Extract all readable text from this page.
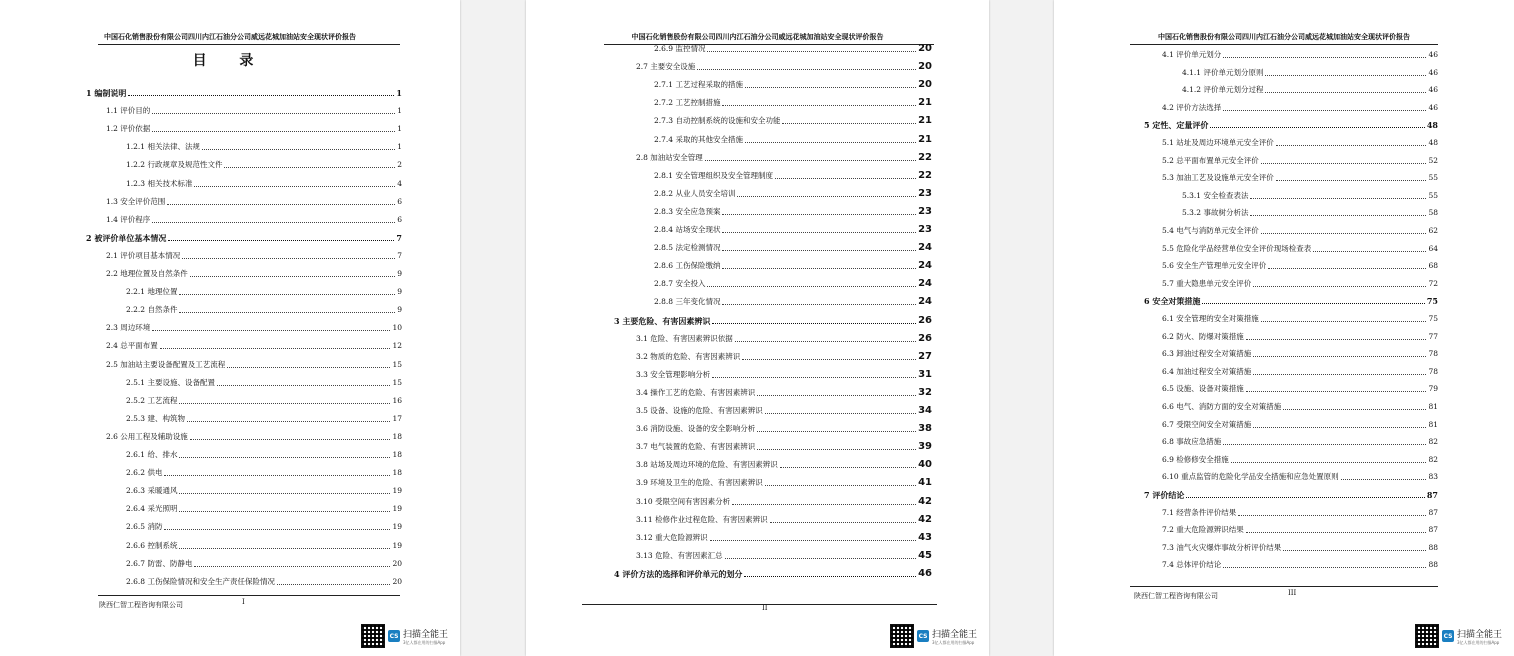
中国石化销售股份有限公司四川内江石油分公司威远花城加油站安全现状评价报告
目 录
1 编制说明	1
1.1 评价目的	1
1.2 评价依据	1
1.2.1 相关法律、法规	1
1.2.2 行政规章及规范性文件	2
1.2.3 相关技术标准	4
1.3 安全评价范围	6
1.4 评价程序	6
2 被评价单位基本情况	7
2.1 评价项目基本情况	7
2.2 地理位置及自然条件	9
2.2.1 地理位置	9
2.2.2 自然条件	9
2.3 周边环境	10
2.4 总平面布置	12
2.5 加油站主要设备配置及工艺流程	15
2.5.1 主要设施、设备配置	15
2.5.2 工艺流程	16
2.5.3 建、构筑物	17
2.6 公用工程及辅助设施	18
2.6.1 给、排水	18
2.6.2 供电	18
2.6.3 采暖通风	19
2.6.4 采光照明	19
2.6.5 消防	19
2.6.6 控制系统	19
2.6.7 防雷、防静电	20
2.6.8 工伤保险情况和安全生产责任保险情况	20
陕西仁智工程咨询有限公司	I
CS 扫描全能王
3亿人都在用的扫描App
中国石化销售股份有限公司四川内江石油分公司威远花城加油站安全现状评价报告
2.6.9 监控情况	20
2.7 主要安全设施	20
2.7.1 工艺过程采取的措施	20
2.7.2 工艺控制措施	21
2.7.3 自动控制系统的设施和安全功能	21
2.7.4 采取的其他安全措施	21
2.8 加油站安全管理	22
2.8.1 安全管理组织及安全管理制度	22
2.8.2 从业人员安全培训	23
2.8.3 安全应急预案	23
2.8.4 站场安全现状	23
2.8.5 法定检测情况	24
2.8.6 工伤保险缴纳	24
2.8.7 安全投入	24
2.8.8 三年变化情况	24
3 主要危险、有害因素辨识	26
3.1 危险、有害因素辨识依据	26
3.2 物质的危险、有害因素辨识	27
3.3 安全管理影响分析	31
3.4 操作工艺的危险、有害因素辨识	32
3.5 设备、设施的危险、有害因素辨识	34
3.6 消防设施、设备的安全影响分析	38
3.7 电气装置的危险、有害因素辨识	39
3.8 站场及周边环境的危险、有害因素辨识	40
3.9 环境及卫生的危险、有害因素辨识	41
3.10 受限空间有害因素分析	42
3.11 检修作业过程危险、有害因素辨识	42
3.12 重大危险源辨识	43
3.13 危险、有害因素汇总	45
4 评价方法的选择和评价单元的划分	46
II
CS 扫描全能王
3亿人都在用的扫描App
中国石化销售股份有限公司四川内江石油分公司威远花城加油站安全现状评价报告
4.1 评价单元划分	46
4.1.1 评价单元划分原则	46
4.1.2 评价单元划分过程	46
4.2 评价方法选择	46
5 定性、定量评价	48
5.1 站址及周边环境单元安全评价	48
5.2 总平面布置单元安全评价	52
5.3 加油工艺及设施单元安全评价	55
5.3.1 安全检查表法	55
5.3.2 事故树分析法	58
5.4 电气与消防单元安全评价	62
5.5 危险化学品经营单位安全评价现场检查表	64
5.6 安全生产管理单元安全评价	68
5.7 重大隐患单元安全评价	72
6 安全对策措施	75
6.1 安全管理的安全对策措施	75
6.2 防火、防爆对策措施	77
6.3 卸油过程安全对策措施	78
6.4 加油过程安全对策措施	78
6.5 设施、设备对策措施	79
6.6 电气、消防方面的安全对策措施	81
6.7 受限空间安全对策措施	81
6.8 事故应急措施	82
6.9 检修修安全措施	82
6.10 重点监管的危险化学品安全措施和应急处置原则	83
7 评价结论	87
7.1 经营条件评价结果	87
7.2 重大危险源辨识结果	87
7.3 油气火灾爆炸事故分析评价结果	88
7.4 总体评价结论	88
陕西仁智工程咨询有限公司	III
CS 扫描全能王
3亿人都在用的扫描App
